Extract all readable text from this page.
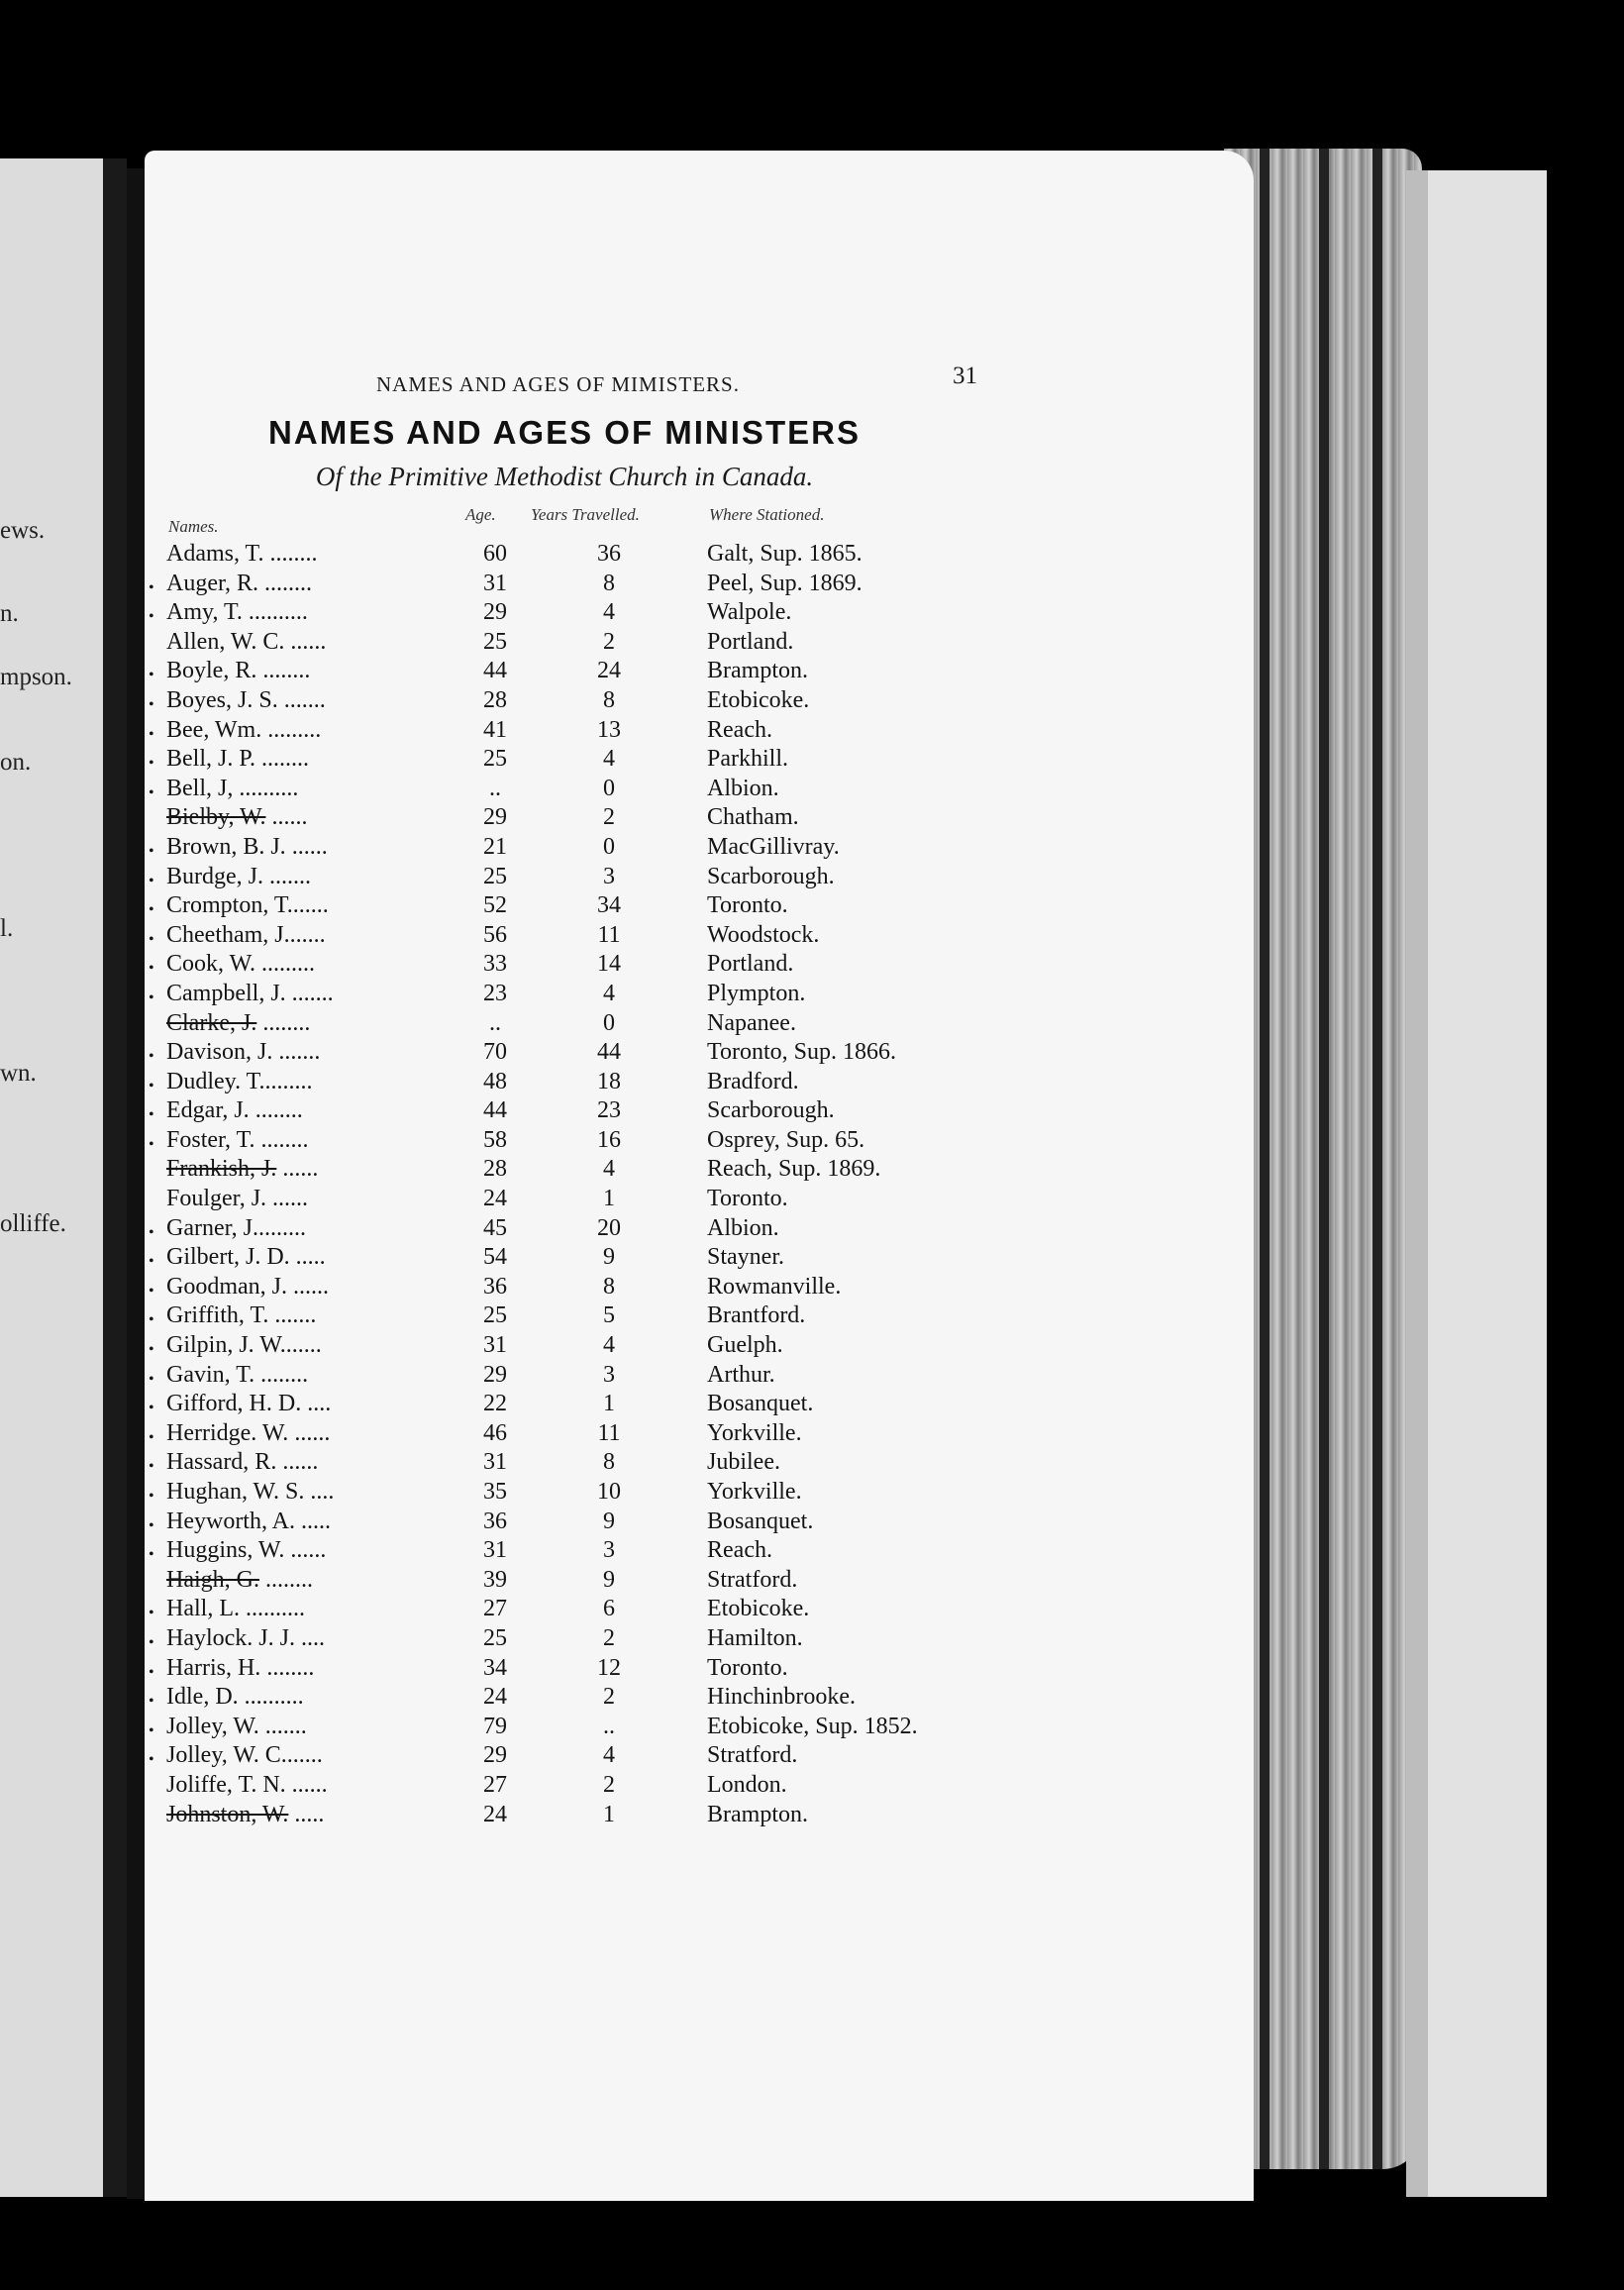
ews.
n.
mpson.
on.
l.
wn.
olliffe.
NAMES AND AGES OF MIMISTERS.	31
NAMES AND AGES OF MINISTERS
Of the Primitive Methodist Church in Canada.
Names.
Age. Years Travelled.	Where Stationed.
Adams, T. ........	60	36	Galt, Sup. 1865.
•
Auger, R. ........	31	8	Peel, Sup. 1869.
•
Amy, T. ..........	29	4	Walpole.
Allen, W. C. ......	25	2	Portland.
•
Boyle, R. ........	44	24	Brampton.
•
Boyes, J. S. .......	28	8	Etobicoke.
•
Bee, Wm. .........	41	13	Reach.
•
Bell, J. P. ........	25	4	Parkhill.
•
Bell, J, ..........	..	0	Albion.
Bielby, W. ......	29	2	Chatham.
•
Brown, B. J. ......	21	0	MacGillivray.
•
Burdge, J. .......	25	3	Scarborough.
•
Crompton, T.......	52	34	Toronto.
•
Cheetham, J.......	56	11	Woodstock.
•
Cook, W. .........	33	14	Portland.
•
Campbell, J. .......	23	4	Plympton.
Clarke, J. ........	..	0	Napanee.
•
Davison, J. .......	70	44	Toronto, Sup. 1866.
•
Dudley. T.........	48	18	Bradford.
•
Edgar, J. ........	44	23	Scarborough.
•
Foster, T. ........	58	16	Osprey, Sup. 65.
Frankish, J. ......	28	4	Reach, Sup. 1869.
Foulger, J. ......	24	1	Toronto.
•
Garner, J.........	45	20	Albion.
•
Gilbert, J. D. .....	54	9	Stayner.
•
Goodman, J. ......	36	8	Rowmanville.
•
Griffith, T. .......	25	5	Brantford.
•
Gilpin, J. W.......	31	4	Guelph.
•
Gavin, T. ........	29	3	Arthur.
•
Gifford, H. D. ....	22	1	Bosanquet.
•
Herridge. W. ......	46	11	Yorkville.
•
Hassard, R. ......	31	8	Jubilee.
•
Hughan, W. S. ....	35	10	Yorkville.
•
Heyworth, A. .....	36	9	Bosanquet.
•
Huggins, W. ......	31	3	Reach.
Haigh, G. ........	39	9	Stratford.
•
Hall, L. ..........	27	6	Etobicoke.
•
Haylock. J. J. ....	25	2	Hamilton.
•
Harris, H. ........	34	12	Toronto.
•
Idle, D. ..........	24	2	Hinchinbrooke.
•
Jolley, W. .......	79	..	Etobicoke, Sup. 1852.
•
Jolley, W. C.......	29	4	Stratford.
Joliffe, T. N. ......	27	2	London.
Johnston, W. .....	24	1	Brampton.
